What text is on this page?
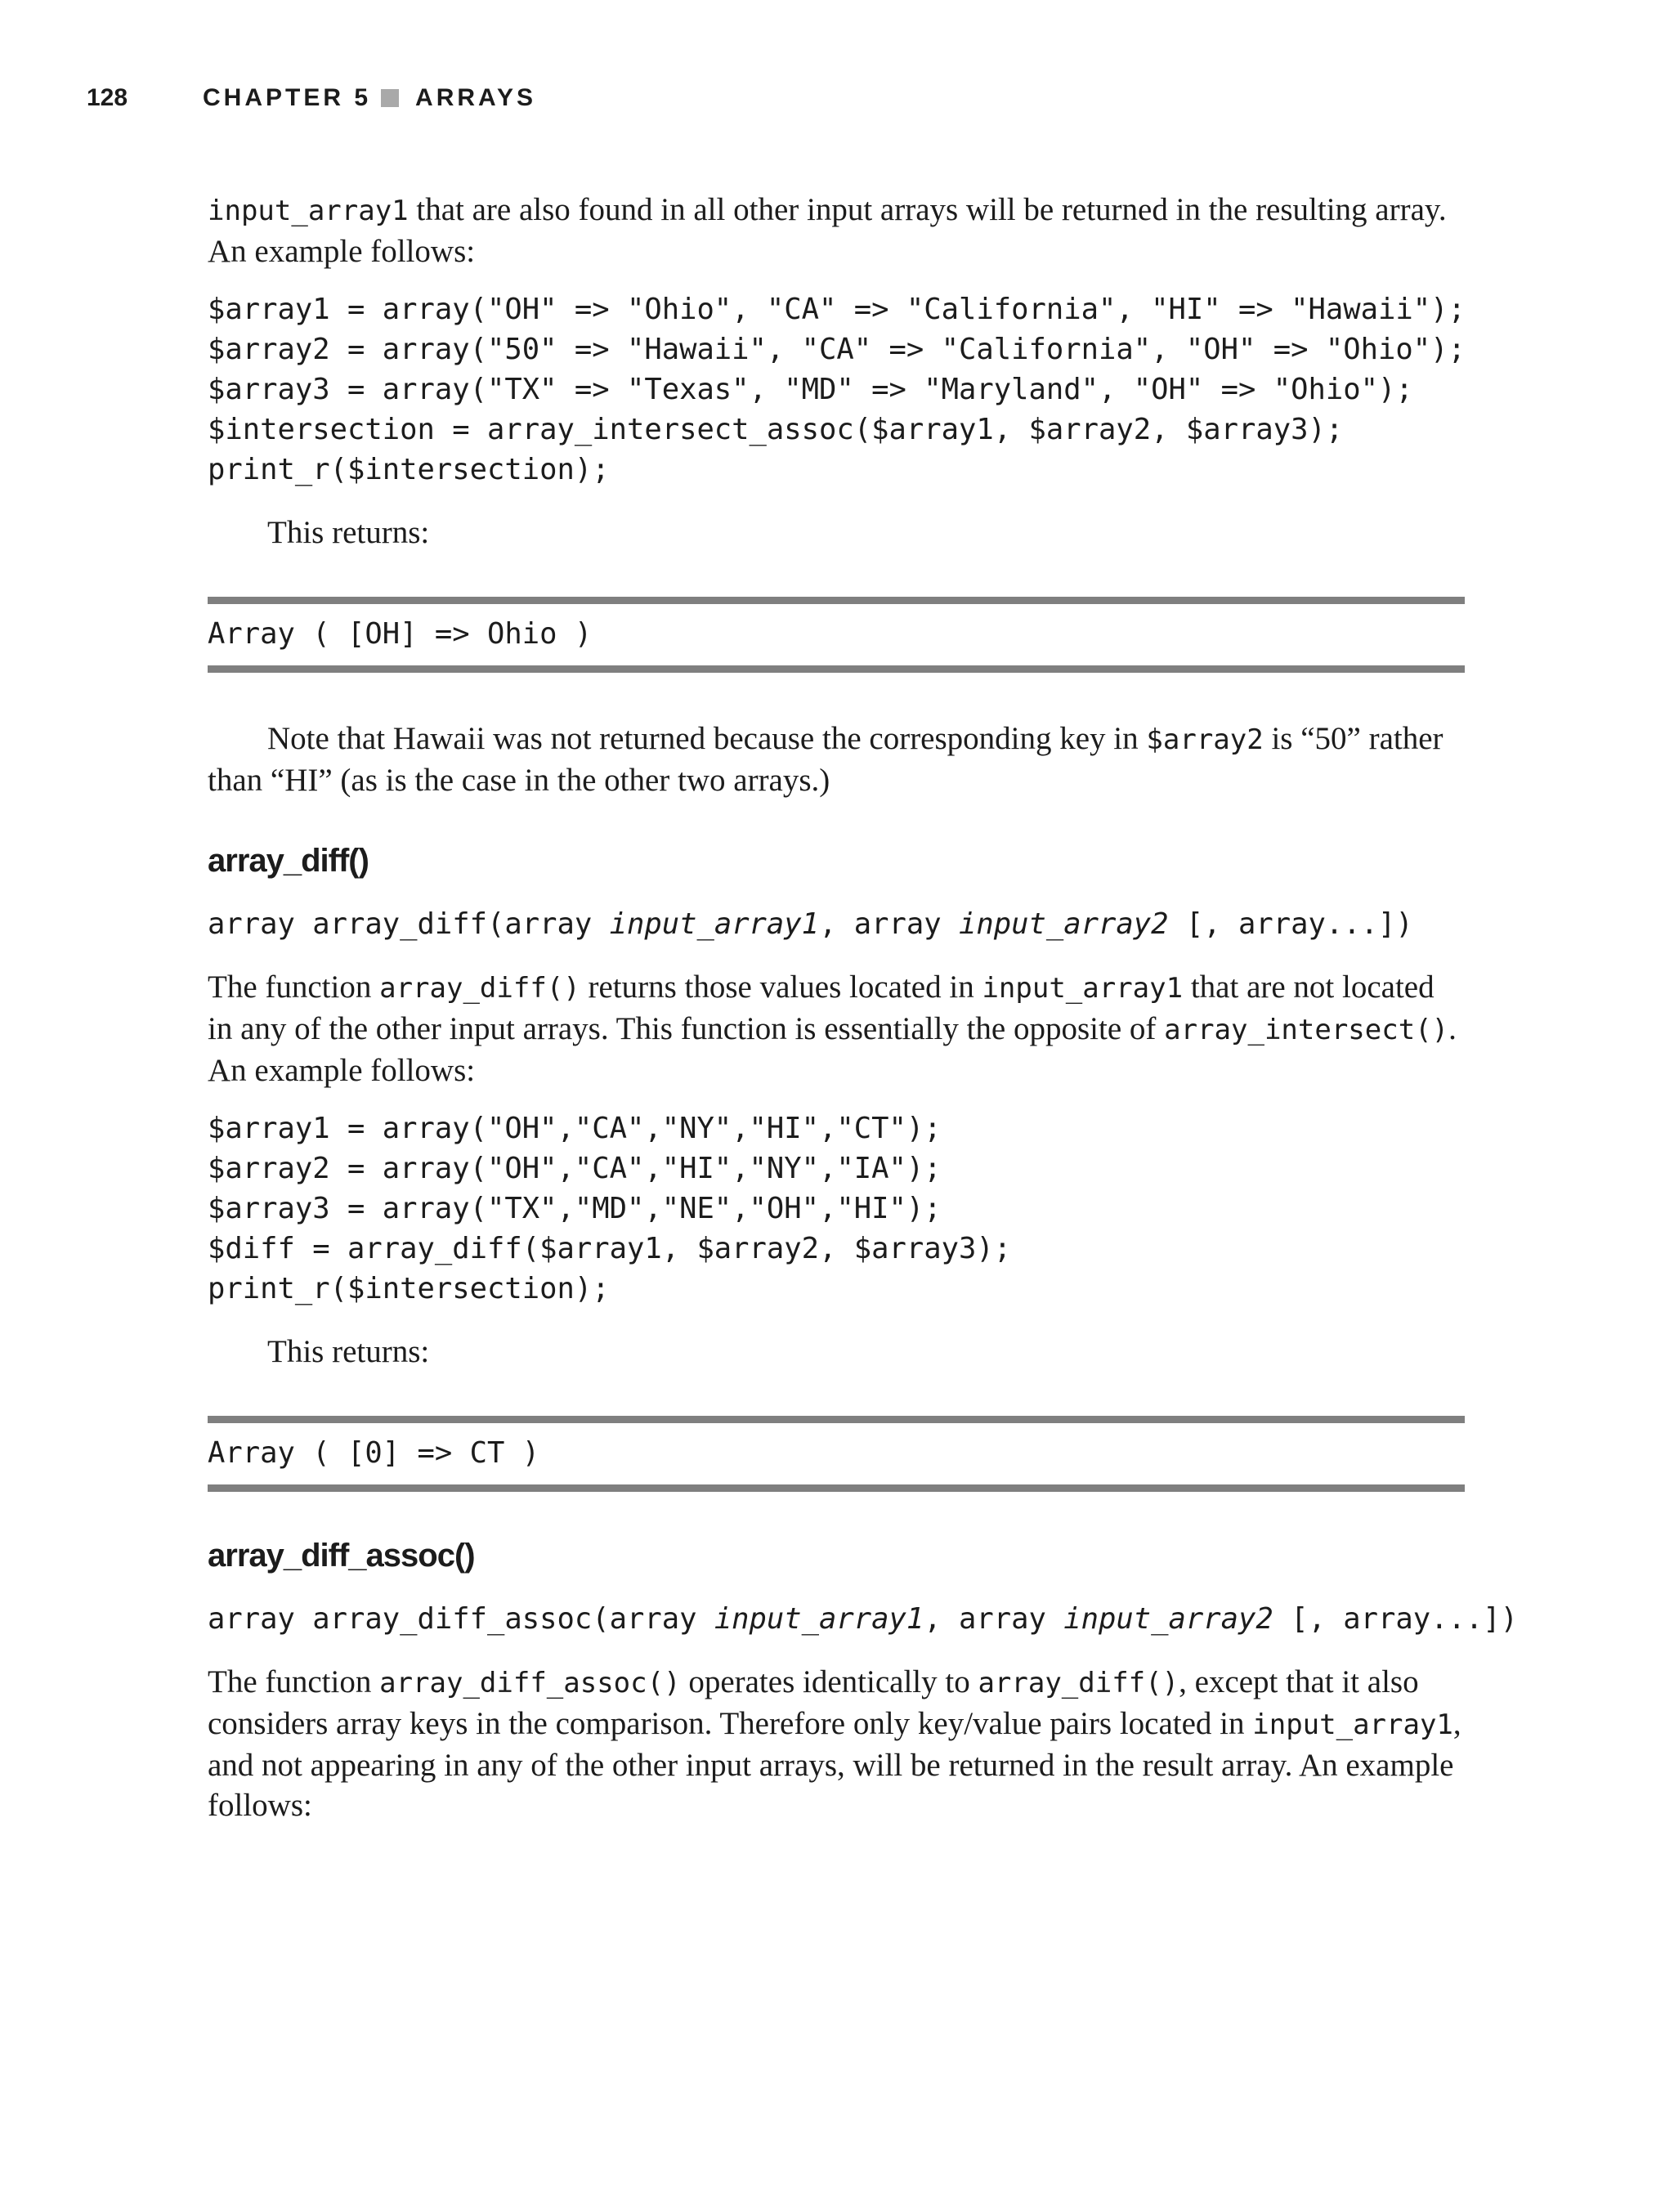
128	CHAPTER 5 ARRAYS

input_array1 that are also found in all other input arrays will be returned in the resulting array. An example follows:

$array1 = array("OH" => "Ohio", "CA" => "California", "HI" => "Hawaii");
$array2 = array("50" => "Hawaii", "CA" => "California", "OH" => "Ohio");
$array3 = array("TX" => "Texas", "MD" => "Maryland", "OH" => "Ohio");
$intersection = array_intersect_assoc($array1, $array2, $array3);
print_r($intersection);

This returns:

Array ( [OH] => Ohio )

Note that Hawaii was not returned because the corresponding key in $array2 is “50” rather than “HI” (as is the case in the other two arrays.)

array_diff()
array array_diff(array input_array1, array input_array2 [, array...])

The function array_diff() returns those values located in input_array1 that are not located in any of the other input arrays. This function is essentially the opposite of array_intersect(). An example follows:

$array1 = array("OH","CA","NY","HI","CT");
$array2 = array("OH","CA","HI","NY","IA");
$array3 = array("TX","MD","NE","OH","HI");
$diff = array_diff($array1, $array2, $array3);
print_r($intersection);

This returns:

Array ( [0] => CT )
array_diff_assoc()
array array_diff_assoc(array input_array1, array input_array2 [, array...])

The function array_diff_assoc() operates identically to array_diff(), except that it also considers array keys in the comparison. Therefore only key/value pairs located in input_array1, and not appearing in any of the other input arrays, will be returned in the result array. An example follows:
